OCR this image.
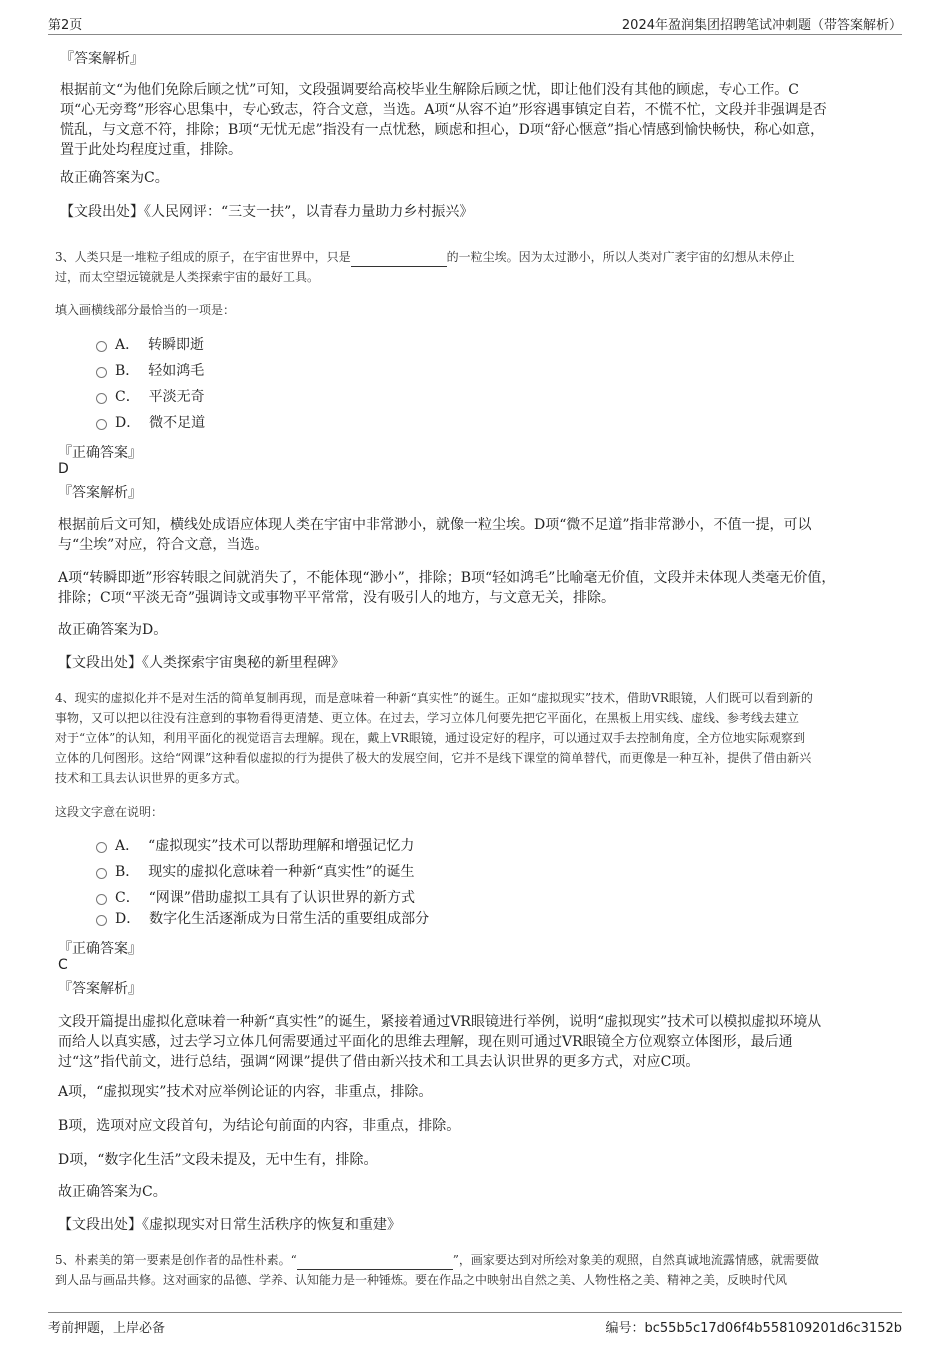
第2页	2024年盈润集团招聘笔试冲刺题（带答案解析）
『答案解析』
根据前文“为他们免除后顾之忧”可知，文段强调要给高校毕业生解除后顾之忧，即让他们没有其他的顾虑，专心工作。C
项“心无旁骛”形容心思集中，专心致志，符合文意，当选。A项“从容不迫”形容遇事镇定自若，不慌不忙，文段并非强调是否
慌乱，与文意不符，排除；B项“无忧无虑”指没有一点忧愁，顾虑和担心，D项“舒心惬意”指心情感到愉快畅快，称心如意，
置于此处均程度过重，排除。
故正确答案为C。
【文段出处】《人民网评：“三支一扶”，以青春力量助力乡村振兴》
3、人类只是一堆粒子组成的原子，在宇宙世界中，只是	的一粒尘埃。因为太过渺小，所以人类对广袤宇宙的幻想从未停止
过，而太空望远镜就是人类探索宇宙的最好工具。
填入画横线部分最恰当的一项是：
A． 转瞬即逝
B． 轻如鸿毛
C． 平淡无奇
D． 微不足道
『正确答案』
D
『答案解析』
根据前后文可知，横线处成语应体现人类在宇宙中非常渺小，就像一粒尘埃。D项“微不足道”指非常渺小，不值一提，可以
与“尘埃”对应，符合文意，当选。
A项“转瞬即逝”形容转眼之间就消失了，不能体现“渺小”，排除；B项“轻如鸿毛”比喻毫无价值，文段并未体现人类毫无价值，
排除；C项“平淡无奇”强调诗文或事物平平常常，没有吸引人的地方，与文意无关，排除。
故正确答案为D。
【文段出处】《人类探索宇宙奥秘的新里程碑》
4、现实的虚拟化并不是对生活的简单复制再现，而是意味着一种新“真实性”的诞生。正如“虚拟现实”技术，借助VR眼镜，人们既可以看到新的
事物，又可以把以往没有注意到的事物看得更清楚、更立体。在过去，学习立体几何要先把它平面化，在黑板上用实线、虚线、参考线去建立
对于“立体”的认知，利用平面化的视觉语言去理解。现在，戴上VR眼镜，通过设定好的程序，可以通过双手去控制角度，全方位地实际观察到
立体的几何图形。这给“网课”这种看似虚拟的行为提供了极大的发展空间，它并不是线下课堂的简单替代，而更像是一种互补，提供了借由新兴
技术和工具去认识世界的更多方式。
这段文字意在说明：
A． “虚拟现实”技术可以帮助理解和增强记忆力
B． 现实的虚拟化意味着一种新“真实性”的诞生
C． “网课”借助虚拟工具有了认识世界的新方式
D． 数字化生活逐渐成为日常生活的重要组成部分
『正确答案』
C
『答案解析』
文段开篇提出虚拟化意味着一种新“真实性”的诞生，紧接着通过VR眼镜进行举例，说明“虚拟现实”技术可以模拟虚拟环境从
而给人以真实感，过去学习立体几何需要通过平面化的思维去理解，现在则可通过VR眼镜全方位观察立体图形，最后通
过“这”指代前文，进行总结，强调“网课”提供了借由新兴技术和工具去认识世界的更多方式，对应C项。
A项，“虚拟现实”技术对应举例论证的内容，非重点，排除。
B项，选项对应文段首句，为结论句前面的内容，非重点，排除。
D项，“数字化生活”文段未提及，无中生有，排除。
故正确答案为C。
【文段出处】《虚拟现实对日常生活秩序的恢复和重建》
5、朴素美的第一要素是创作者的品性朴素。“	”，画家要达到对所绘对象美的观照，自然真诚地流露情感，就需要做
到人品与画品共修。这对画家的品德、学养、认知能力是一种锤炼。要在作品之中映射出自然之美、人物性格之美、精神之美，反映时代风
考前押题，上岸必备	编号：bc55b5c17d06f4b558109201d6c3152b
